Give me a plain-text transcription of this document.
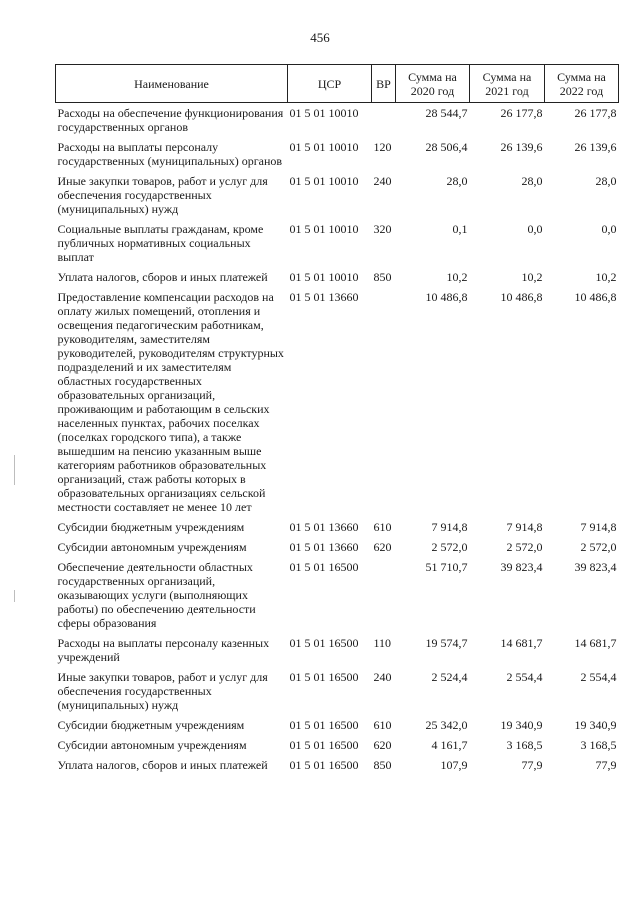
456
Наименование	ЦСР	ВР	Сумма на 2020 год	Сумма на 2021 год	Сумма на 2022 год
Расходы на обеспечение функционирования государственных органов	01 5 01 10010		28 544,7	26 177,8	26 177,8
Расходы на выплаты персоналу государственных (муниципальных) органов	01 5 01 10010	120	28 506,4	26 139,6	26 139,6
Иные закупки товаров, работ и услуг для обеспечения государственных (муниципальных) нужд	01 5 01 10010	240	28,0	28,0	28,0
Социальные выплаты гражданам, кроме публичных нормативных социальных выплат	01 5 01 10010	320	0,1	0,0	0,0
Уплата налогов, сборов и иных платежей	01 5 01 10010	850	10,2	10,2	10,2
Предоставление компенсации расходов на оплату жилых помещений, отопления и освещения педагогическим работникам, руководителям, заместителям руководителей, руководителям структурных подразделений и их заместителям областных государственных образовательных организаций, проживающим и работающим в сельских населенных пунктах, рабочих поселках (поселках городского типа), а также вышедшим на пенсию указанным выше категориям работников образовательных организаций, стаж работы которых в образовательных организациях сельской местности составляет не менее 10 лет	01 5 01 13660		10 486,8	10 486,8	10 486,8
Субсидии бюджетным учреждениям	01 5 01 13660	610	7 914,8	7 914,8	7 914,8
Субсидии автономным учреждениям	01 5 01 13660	620	2 572,0	2 572,0	2 572,0
Обеспечение деятельности областных государственных организаций, оказывающих услуги (выполняющих работы) по обеспечению деятельности сферы образования	01 5 01 16500		51 710,7	39 823,4	39 823,4
Расходы на выплаты персоналу казенных учреждений	01 5 01 16500	110	19 574,7	14 681,7	14 681,7
Иные закупки товаров, работ и услуг для обеспечения государственных (муниципальных) нужд	01 5 01 16500	240	2 524,4	2 554,4	2 554,4
Субсидии бюджетным учреждениям	01 5 01 16500	610	25 342,0	19 340,9	19 340,9
Субсидии автономным учреждениям	01 5 01 16500	620	4 161,7	3 168,5	3 168,5
Уплата налогов, сборов и иных платежей	01 5 01 16500	850	107,9	77,9	77,9
